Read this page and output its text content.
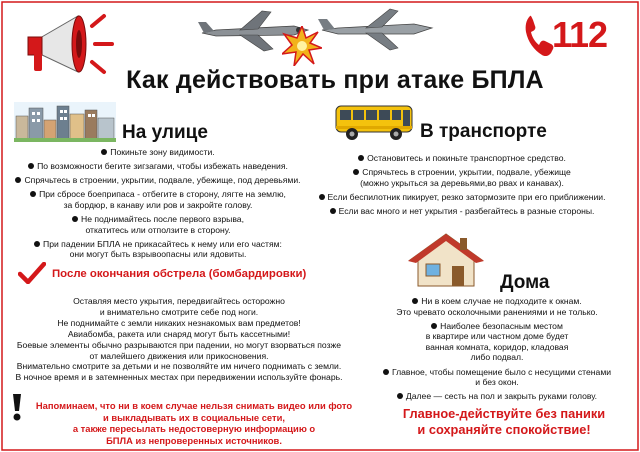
112
Как действовать при атаке БПЛА
На улице

Покиньте зону видимости.

По возможности бегите зигзагами, чтобы избежать наведения.

Спрячьтесь в строении, укрытии, подвале, убежище, под деревьями.

При сбросе боеприпаса - отбегите в сторону, лягте на землю,
за бордюр, в канаву или ров и закройте голову.

Не поднимайтесь после первого взрыва,
откатитесь или отползите в сторону.

При падении БПЛА не прикасайтесь к нему или его частям:
они могут быть взрывоопасны или ядовиты.

В транспорте

Остановитесь и покиньте транспортное средство.

Спрячьтесь в строении, укрытии, подвале, убежище
(можно укрыться за деревьями,во рвах и канавах).

Если беспилотник пикирует, резко затормозите при его приближении.

Если вас много и нет укрытия - разбегайтесь в разные стороны.

После окончания обстрела (бомбардировки)

Оставляя место укрытия, передвигайтесь осторожно

и внимательно смотрите себе под ноги.

Не поднимайте с земли никаких незнакомых вам предметов!

Авиабомба, ракета или снаряд могут быть кассетными!

Боевые элементы обычно разрываются при падении, но могут взорваться позже

от малейшего движения или прикосновения.

Внимательно смотрите за детьми и не позволяйте им ничего поднимать с земли.

В ночное время и в затемненных местах при передвижении используйте фонарь.

Дома

Ни в коем случае не подходите к окнам.
Это чревато осколочными ранениями и не только.

Наиболее безопасным местом
в квартире или частном доме будет
ванная комната, коридор, кладовая
либо подвал.

Главное, чтобы помещение было с несущими стенами
и без окон.

Далее — сесть на пол и закрыть руками голову.

Напоминаем, что ни в коем случае нельзя снимать видео или фото

и выкладывать их в социальные сети,

а также пересылать недостоверную информацию о

БПЛА из непроверенных источников.

Главное-действуйте без паники

и сохраняйте спокойствие!
